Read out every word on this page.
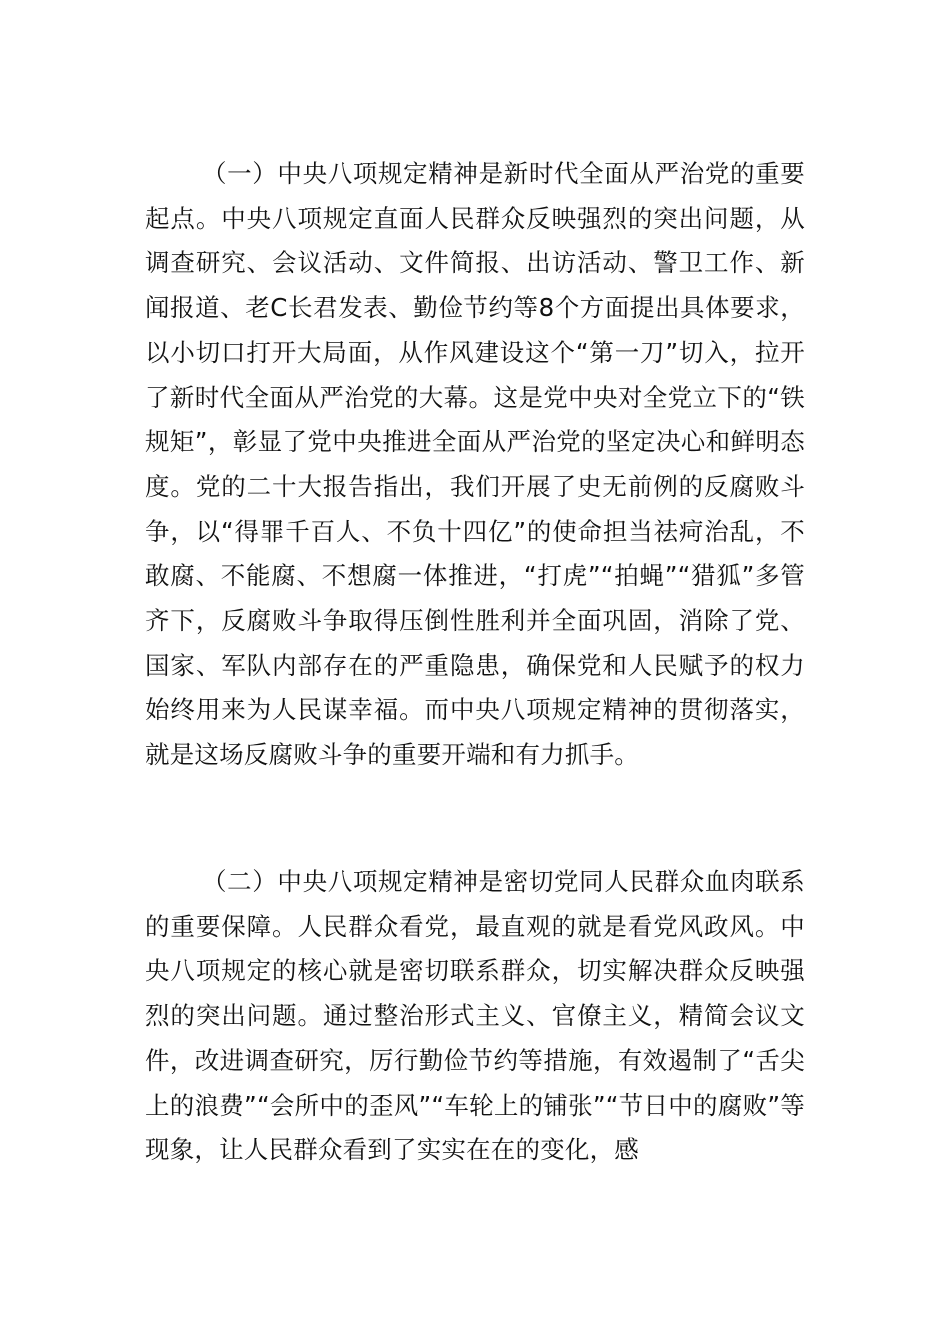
（一）中央八项规定精神是新时代全面从严治党的重要起点。中央八项规定直面人民群众反映强烈的突出问题，从调查研究、会议活动、文件简报、出访活动、警卫工作、新闻报道、老C长君发表、勤俭节约等8个方面提出具体要求，以小切口打开大局面，从作风建设这个“第一刀”切入，拉开了新时代全面从严治党的大幕。这是党中央对全党立下的“铁规矩”，彰显了党中央推进全面从严治党的坚定决心和鲜明态度。党的二十大报告指出，我们开展了史无前例的反腐败斗争，以“得罪千百人、不负十四亿”的使命担当祛疴治乱，不敢腐、不能腐、不想腐一体推进，“打虎”“拍蝇”“猎狐”多管齐下，反腐败斗争取得压倒性胜利并全面巩固，消除了党、国家、军队内部存在的严重隐患，确保党和人民赋予的权力始终用来为人民谋幸福。而中央八项规定精神的贯彻落实，就是这场反腐败斗争的重要开端和有力抓手。

（二）中央八项规定精神是密切党同人民群众血肉联系的重要保障。人民群众看党，最直观的就是看党风政风。中央八项规定的核心就是密切联系群众，切实解决群众反映强烈的突出问题。通过整治形式主义、官僚主义，精简会议文件，改进调查研究，厉行勤俭节约等措施，有效遏制了“舌尖上的浪费”“会所中的歪风”“车轮上的铺张”“节日中的腐败”等现象，让人民群众看到了实实在在的变化，感
